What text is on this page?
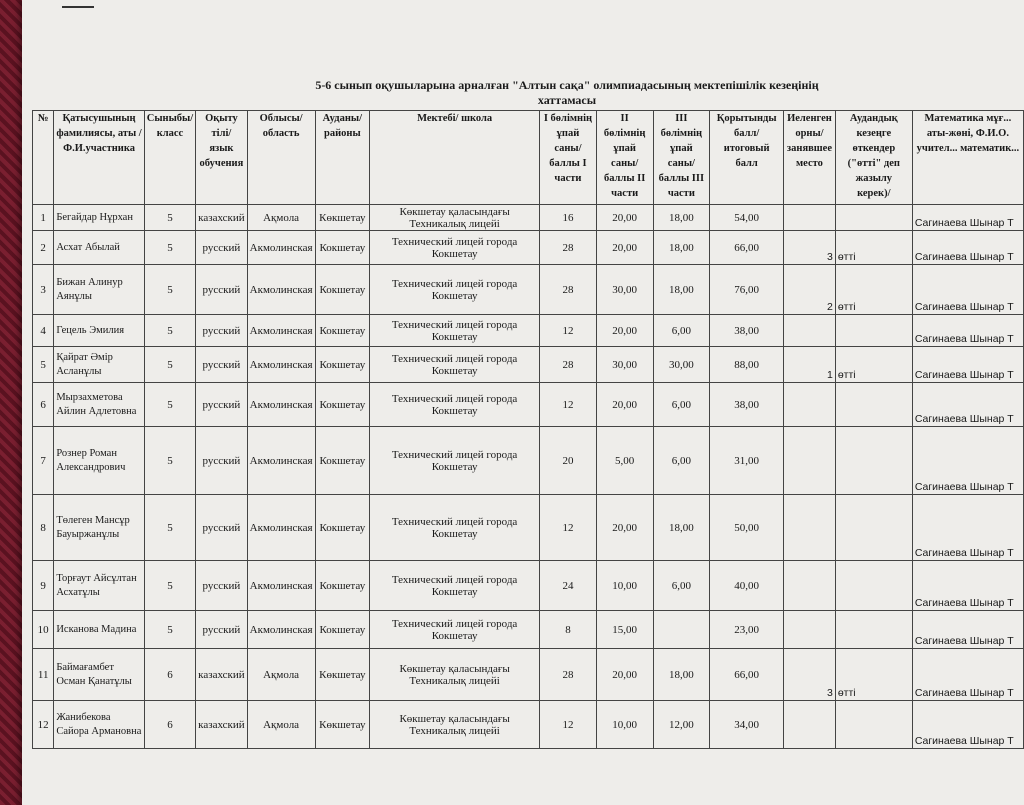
5-6 сынып оқушыларына арналған "Алтын сақа" олимпиадасының мектепішілік кезеңінің
хаттамасы
№	Қатысушының фамилиясы, аты /Ф.И.участника	Сыныбы/класс	Оқыту тілі/ язык обучения	Облысы/ область	Ауданы/ районы	Мектебі/ школа	I бөлімнің ұпай саны/ баллы I части	II бөлімнің ұпай саны/ баллы II части	III бөлімнің ұпай саны/ баллы III части	Қорытынды балл/ итоговый балл	Иеленген орны/ занявшее место	Аудандық кезеңге өткендер ("өтті" деп жазылу керек)/	Математика мұғ... аты-жөні, Ф.И.О. учител... математик...
1	Бегайдар Нұрхан	5	казахский	Ақмола	Көкшетау	Көкшетау қаласындағы Техникалық лицейі	16	20,00	18,00	54,00			Сагинаева Шынар Т
2	Асхат Абылай	5	русский	Акмолинская	Кокшетау	Технический лицей города Кокшетау	28	20,00	18,00	66,00	3	өтті	Сагинаева Шынар Т
3	Бижан Алинур Аянұлы	5	русский	Акмолинская	Кокшетау	Технический лицей города Кокшетау	28	30,00	18,00	76,00	2	өтті	Сагинаева Шынар Т
4	Гецель Эмилия	5	русский	Акмолинская	Кокшетау	Технический лицей города Кокшетау	12	20,00	6,00	38,00			Сагинаева Шынар Т
5	Қайрат Әмір Асланұлы	5	русский	Акмолинская	Кокшетау	Технический лицей города Кокшетау	28	30,00	30,00	88,00	1	өтті	Сагинаева Шынар Т
6	Мырзахметова Айлин Адлетовна	5	русский	Акмолинская	Кокшетау	Технический лицей города Кокшетау	12	20,00	6,00	38,00			Сагинаева Шынар Т
7	Рознер Роман Александрович	5	русский	Акмолинская	Кокшетау	Технический лицей города Кокшетау	20	5,00	6,00	31,00			Сагинаева Шынар Т
8	Төлеген Мансұр Бауыржанұлы	5	русский	Акмолинская	Кокшетау	Технический лицей города Кокшетау	12	20,00	18,00	50,00			Сагинаева Шынар Т
9	Торғаут Айсұлтан Асхатұлы	5	русский	Акмолинская	Кокшетау	Технический лицей города Кокшетау	24	10,00	6,00	40,00			Сагинаева Шынар Т
10	Исканова Мадина	5	русский	Акмолинская	Кокшетау	Технический лицей города Кокшетау	8	15,00		23,00			Сагинаева Шынар Т
11	Баймағамбет Осман Қанатұлы	6	казахский	Ақмола	Көкшетау	Көкшетау қаласындағы Техникалық лицейі	28	20,00	18,00	66,00	3	өтті	Сагинаева Шынар Т
12	Жанибекова Сайора Армановна	6	казахский	Ақмола	Көкшетау	Көкшетау қаласындағы Техникалық лицейі	12	10,00	12,00	34,00			Сагинаева Шынар Т
